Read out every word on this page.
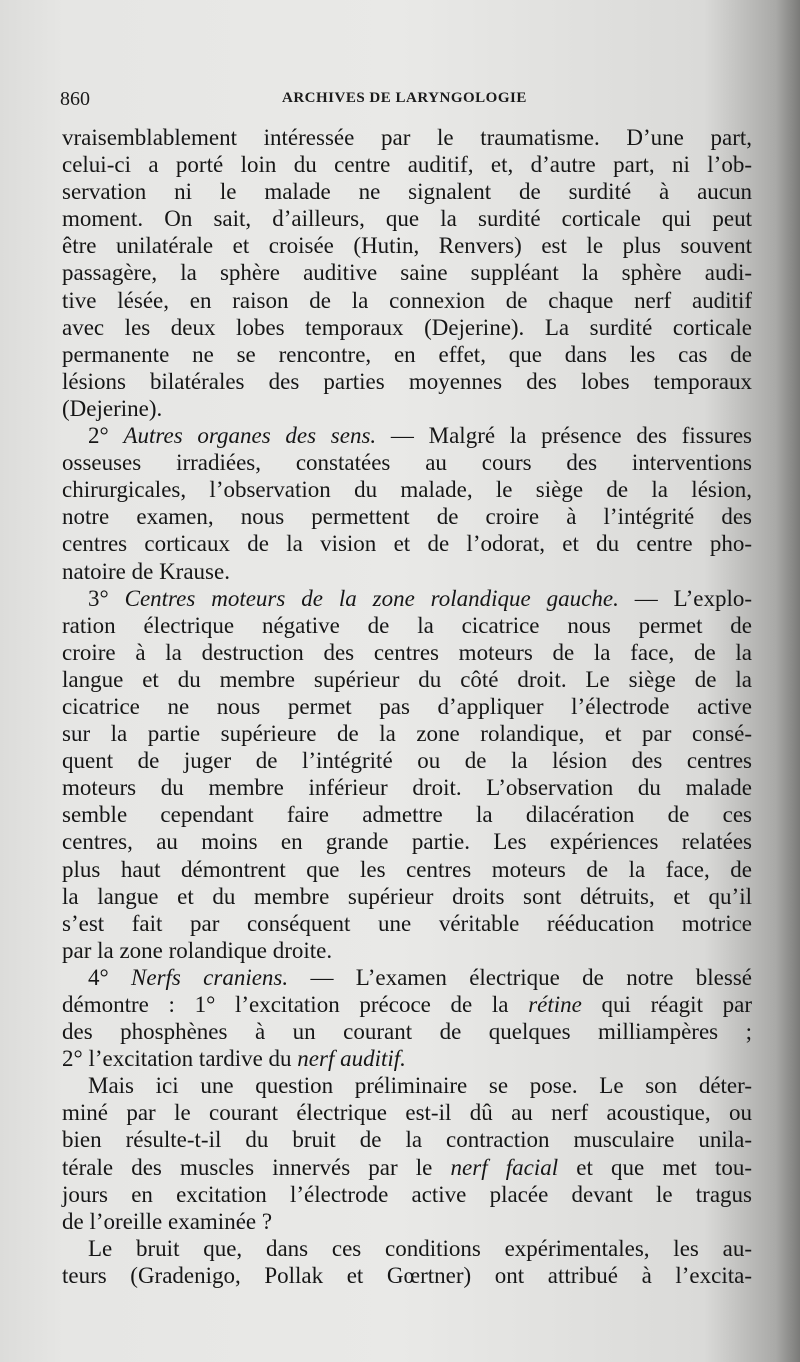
860	ARCHIVES DE LARYNGOLOGIE
vraisemblablement intéressée par le traumatisme. D’une part,
celui-ci a porté loin du centre auditif, et, d’autre part, ni l’ob-
servation ni le malade ne signalent de surdité à aucun
moment. On sait, d’ailleurs, que la surdité corticale qui peut
être unilatérale et croisée (Hutin, Renvers) est le plus souvent
passagère, la sphère auditive saine suppléant la sphère audi-
tive lésée, en raison de la connexion de chaque nerf auditif
avec les deux lobes temporaux (Dejerine). La surdité corticale
permanente ne se rencontre, en effet, que dans les cas de
lésions bilatérales des parties moyennes des lobes temporaux
(Dejerine).
2° Autres organes des sens. — Malgré la présence des fissures
osseuses irradiées, constatées au cours des interventions
chirurgicales, l’observation du malade, le siège de la lésion,
notre examen, nous permettent de croire à l’intégrité des
centres corticaux de la vision et de l’odorat, et du centre pho-
natoire de Krause.
3° Centres moteurs de la zone rolandique gauche. — L’explo-
ration électrique négative de la cicatrice nous permet de
croire à la destruction des centres moteurs de la face, de la
langue et du membre supérieur du côté droit. Le siège de la
cicatrice ne nous permet pas d’appliquer l’électrode active
sur la partie supérieure de la zone rolandique, et par consé-
quent de juger de l’intégrité ou de la lésion des centres
moteurs du membre inférieur droit. L’observation du malade
semble cependant faire admettre la dilacération de ces
centres, au moins en grande partie. Les expériences relatées
plus haut démontrent que les centres moteurs de la face, de
la langue et du membre supérieur droits sont détruits, et qu’il
s’est fait par conséquent une véritable rééducation motrice
par la zone rolandique droite.
4° Nerfs craniens. — L’examen électrique de notre blessé
démontre : 1° l’excitation précoce de la rétine qui réagit par
des phosphènes à un courant de quelques milliampères ;
2° l’excitation tardive du nerf auditif.
Mais ici une question préliminaire se pose. Le son déter-
miné par le courant électrique est-il dû au nerf acoustique, ou
bien résulte-t-il du bruit de la contraction musculaire unila-
térale des muscles innervés par le nerf facial et que met tou-
jours en excitation l’électrode active placée devant le tragus
de l’oreille examinée ?
Le bruit que, dans ces conditions expérimentales, les au-
teurs (Gradenigo, Pollak et Gœrtner) ont attribué à l’excita-
